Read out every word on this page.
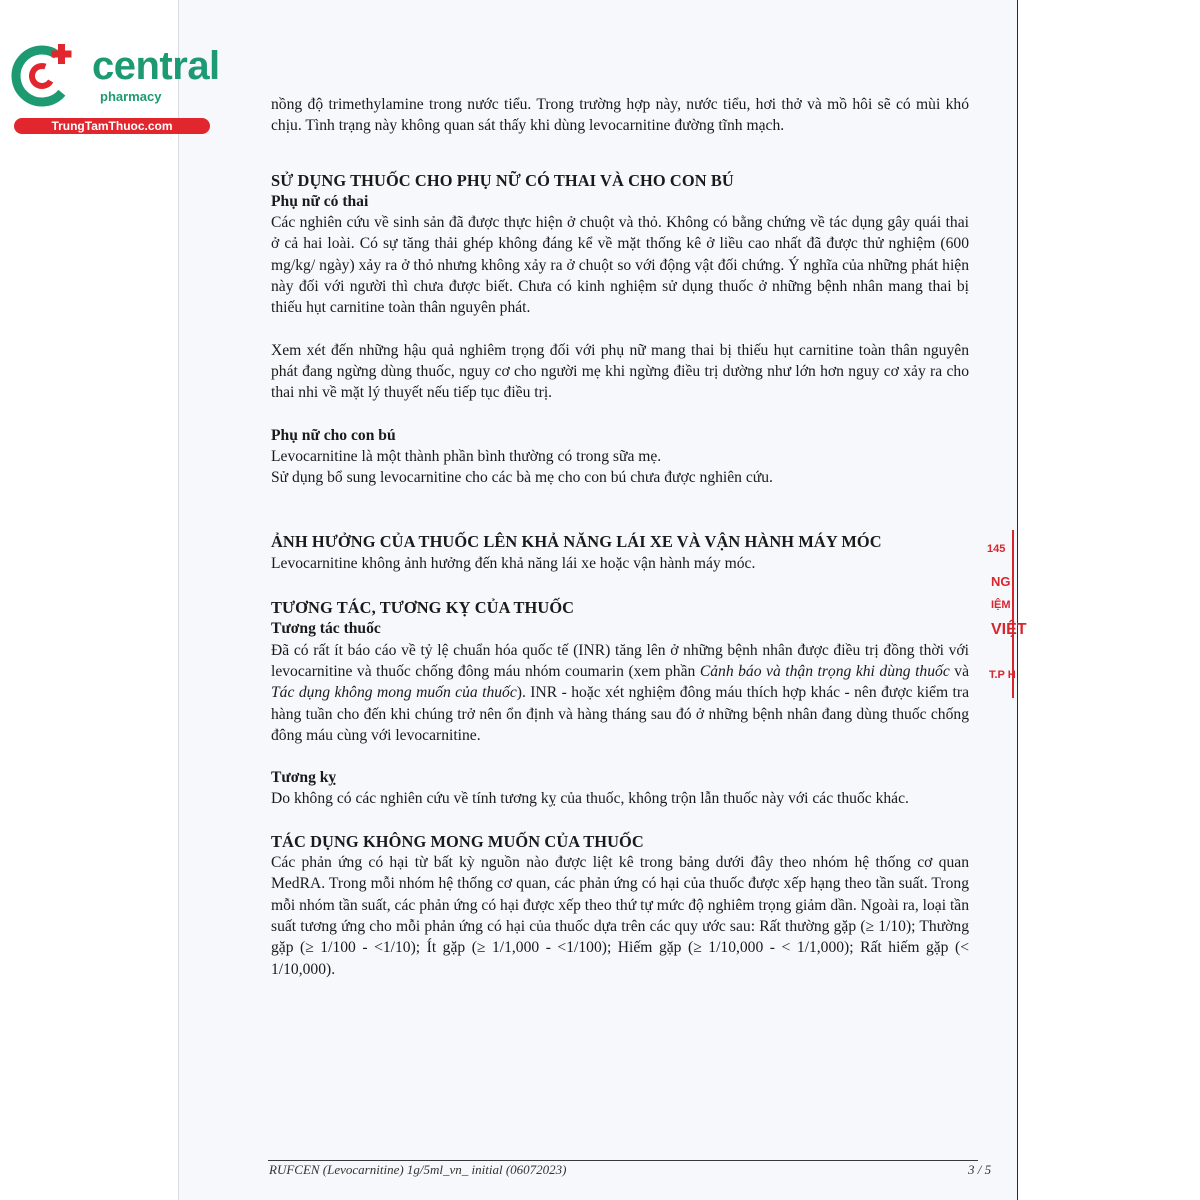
central
pharmacy
TrungTamThuoc.com

nồng độ trimethylamine trong nước tiểu. Trong trường hợp này, nước tiểu, hơi thở và mồ hôi sẽ có mùi khó chịu. Tình trạng này không quan sát thấy khi dùng levocarnitine đường tĩnh mạch.

SỬ DỤNG THUỐC CHO PHỤ NỮ CÓ THAI VÀ CHO CON BÚ

Phụ nữ có thai

Các nghiên cứu về sinh sản đã được thực hiện ở chuột và thỏ. Không có bằng chứng về tác dụng gây quái thai ở cả hai loài. Có sự tăng thải ghép không đáng kể về mặt thống kê ở liều cao nhất đã được thử nghiệm (600 mg/kg/ ngày) xảy ra ở thỏ nhưng không xảy ra ở chuột so với động vật đối chứng. Ý nghĩa của những phát hiện này đối với người thì chưa được biết. Chưa có kinh nghiệm sử dụng thuốc ở những bệnh nhân mang thai bị thiếu hụt carnitine toàn thân nguyên phát.

Xem xét đến những hậu quả nghiêm trọng đối với phụ nữ mang thai bị thiếu hụt carnitine toàn thân nguyên phát đang ngừng dùng thuốc, nguy cơ cho người mẹ khi ngừng điều trị dường như lớn hơn nguy cơ xảy ra cho thai nhi về mặt lý thuyết nếu tiếp tục điều trị.

Phụ nữ cho con bú

Levocarnitine là một thành phần bình thường có trong sữa mẹ.

Sử dụng bổ sung levocarnitine cho các bà mẹ cho con bú chưa được nghiên cứu.

ẢNH HƯỞNG CỦA THUỐC LÊN KHẢ NĂNG LÁI XE VÀ VẬN HÀNH MÁY MÓC

Levocarnitine không ảnh hưởng đến khả năng lái xe hoặc vận hành máy móc.

TƯƠNG TÁC, TƯƠNG KỴ CỦA THUỐC

Tương tác thuốc

Đã có rất ít báo cáo về tỷ lệ chuẩn hóa quốc tế (INR) tăng lên ở những bệnh nhân được điều trị đồng thời với levocarnitine và thuốc chống đông máu nhóm coumarin (xem phần Cảnh báo và thận trọng khi dùng thuốc và Tác dụng không mong muốn của thuốc). INR - hoặc xét nghiệm đông máu thích hợp khác - nên được kiểm tra hàng tuần cho đến khi chúng trở nên ổn định và hàng tháng sau đó ở những bệnh nhân đang dùng thuốc chống đông máu cùng với levocarnitine.

Tương kỵ

Do không có các nghiên cứu về tính tương kỵ của thuốc, không trộn lẫn thuốc này với các thuốc khác.

TÁC DỤNG KHÔNG MONG MUỐN CỦA THUỐC

Các phản ứng có hại từ bất kỳ nguồn nào được liệt kê trong bảng dưới đây theo nhóm hệ thống cơ quan MedRA. Trong mỗi nhóm hệ thống cơ quan, các phản ứng có hại của thuốc được xếp hạng theo tần suất. Trong mỗi nhóm tần suất, các phản ứng có hại được xếp theo thứ tự mức độ nghiêm trọng giảm dần. Ngoài ra, loại tần suất tương ứng cho mỗi phản ứng có hại của thuốc dựa trên các quy ước sau: Rất thường gặp (≥ 1/10); Thường gặp (≥ 1/100 - <1/10); Ít gặp (≥ 1/1,000 - <1/100); Hiếm gặp (≥ 1/10,000 - < 1/1,000); Rất hiếm gặp (< 1/10,000).

145
NG
IỆM
VIỆT
T.P H
RUFCEN (Levocarnitine) 1g/5ml_vn_ initial (06072023)	3 / 5
